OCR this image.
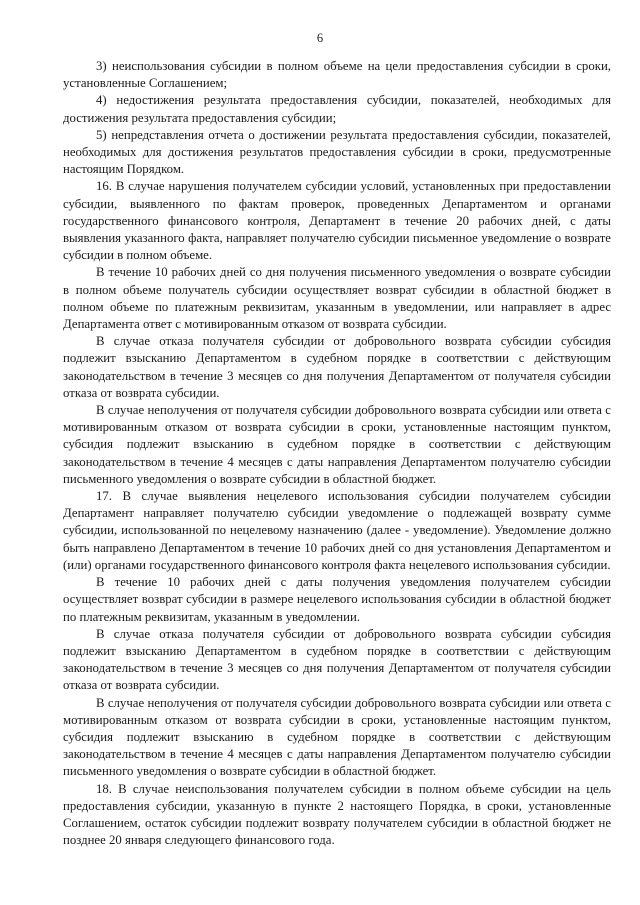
6

3) неиспользования субсидии в полном объеме на цели предоставления субсидии в сроки, установленные Соглашением;

4) недостижения результата предоставления субсидии, показателей, необходимых для достижения результата предоставления субсидии;

5) непредставления отчета о достижении результата предоставления субсидии, показателей, необходимых для достижения результатов предоставления субсидии в сроки, предусмотренные настоящим Порядком.

16. В случае нарушения получателем субсидии условий, установленных при предоставлении субсидии, выявленного по фактам проверок, проведенных Департаментом и органами государственного финансового контроля, Департамент в течение 20 рабочих дней, с даты выявления указанного факта, направляет получателю субсидии письменное уведомление о возврате субсидии в полном объеме.

В течение 10 рабочих дней со дня получения письменного уведомления о возврате субсидии в полном объеме получатель субсидии осуществляет возврат субсидии в областной бюджет в полном объеме по платежным реквизитам, указанным в уведомлении, или направляет в адрес Департамента ответ с мотивированным отказом от возврата субсидии.

В случае отказа получателя субсидии от добровольного возврата субсидии субсидия подлежит взысканию Департаментом в судебном порядке в соответствии с действующим законодательством в течение 3 месяцев со дня получения Департаментом от получателя субсидии отказа от возврата субсидии.

В случае неполучения от получателя субсидии добровольного возврата субсидии или ответа с мотивированным отказом от возврата субсидии в сроки, установленные настоящим пунктом, субсидия подлежит взысканию в судебном порядке в соответствии с действующим законодательством в течение 4 месяцев с даты направления Департаментом получателю субсидии письменного уведомления о возврате субсидии в областной бюджет.

17. В случае выявления нецелевого использования субсидии получателем субсидии Департамент направляет получателю субсидии уведомление о подлежащей возврату сумме субсидии, использованной по нецелевому назначению (далее - уведомление). Уведомление должно быть направлено Департаментом в течение 10 рабочих дней со дня установления Департаментом и (или) органами государственного финансового контроля факта нецелевого использования субсидии.

В течение 10 рабочих дней с даты получения уведомления получателем субсидии осуществляет возврат субсидии в размере нецелевого использования субсидии в областной бюджет по платежным реквизитам, указанным в уведомлении.

В случае отказа получателя субсидии от добровольного возврата субсидии субсидия подлежит взысканию Департаментом в судебном порядке в соответствии с действующим законодательством в течение 3 месяцев со дня получения Департаментом от получателя субсидии отказа от возврата субсидии.

В случае неполучения от получателя субсидии добровольного возврата субсидии или ответа с мотивированным отказом от возврата субсидии в сроки, установленные настоящим пунктом, субсидия подлежит взысканию в судебном порядке в соответствии с действующим законодательством в течение 4 месяцев с даты направления Департаментом получателю субсидии письменного уведомления о возврате субсидии в областной бюджет.

18. В случае неиспользования получателем субсидии в полном объеме субсидии на цель предоставления субсидии, указанную в пункте 2 настоящего Порядка, в сроки, установленные Соглашением, остаток субсидии подлежит возврату получателем субсидии в областной бюджет не позднее 20 января следующего финансового года.
